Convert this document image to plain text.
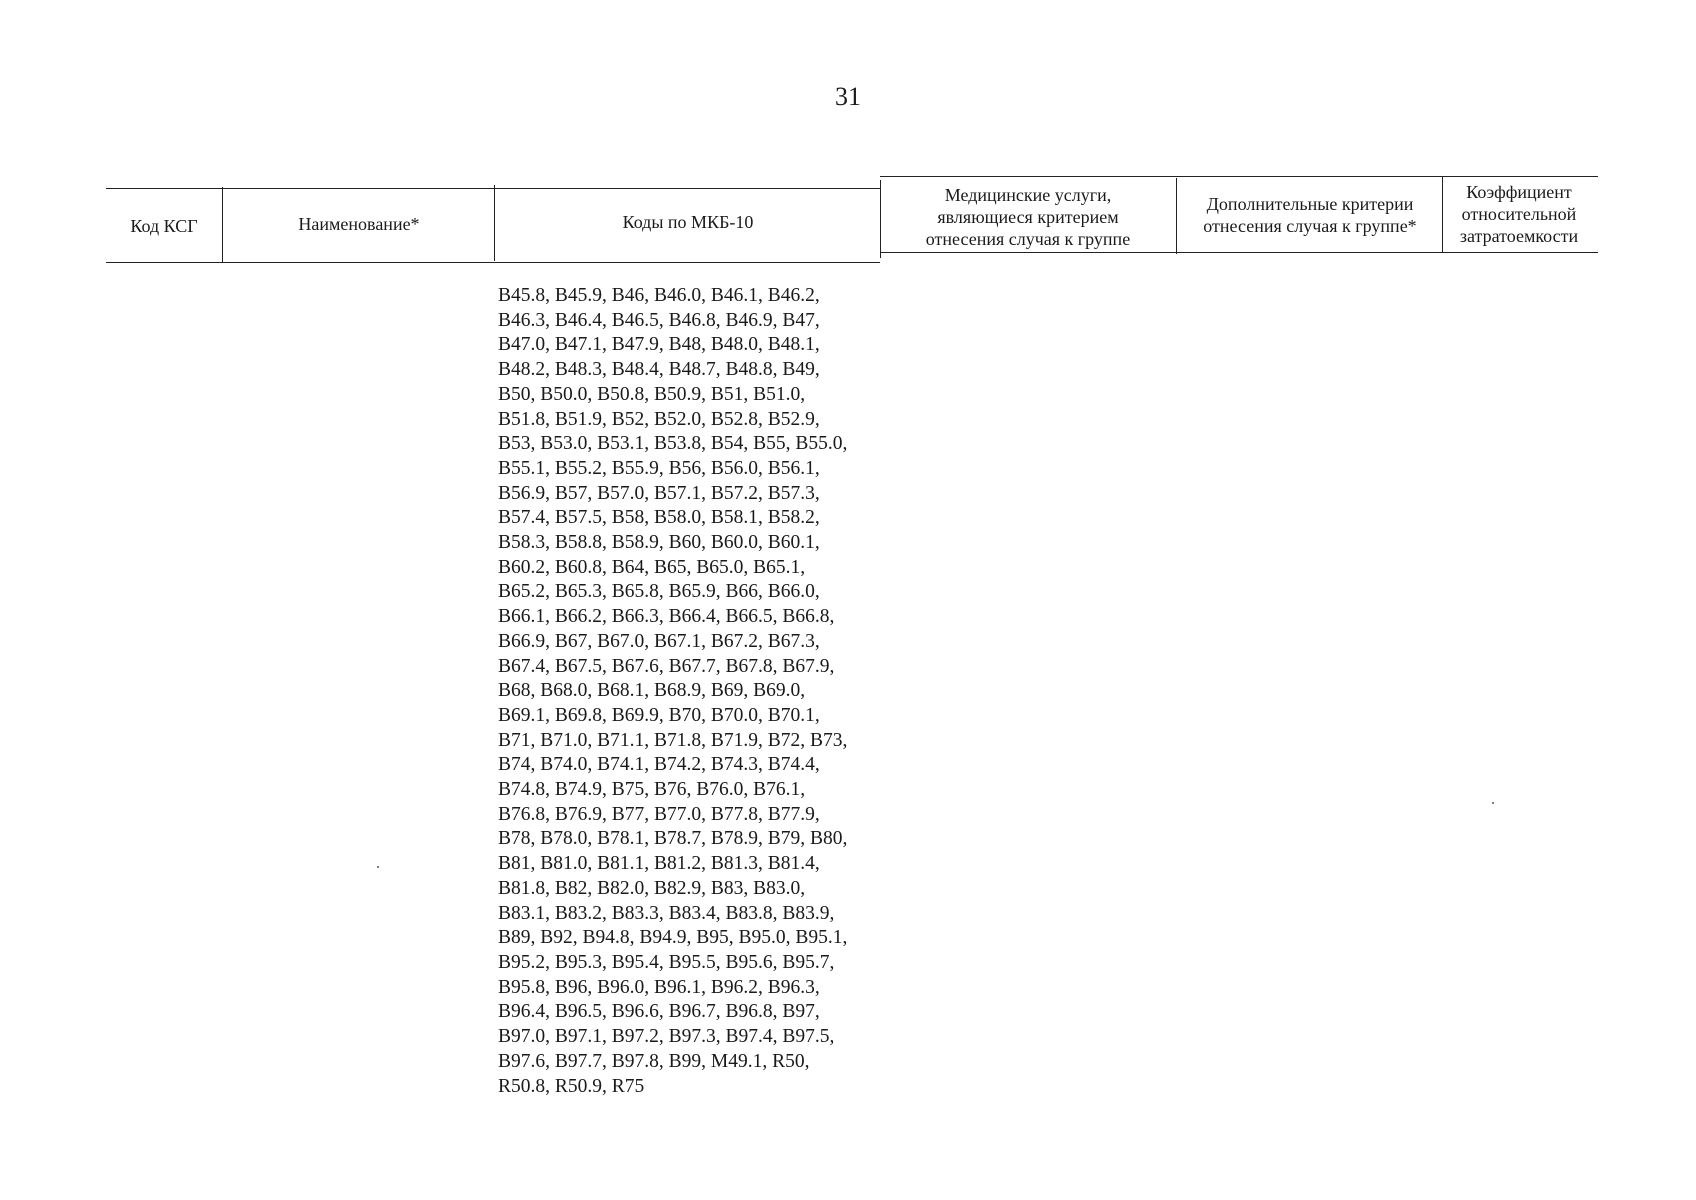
31
Код КСГ	Наименование*	Коды по МКБ-10
Медицинские услуги, являющиеся критерием отнесения случая к группе
Дополнительные критерии отнесения случая к группе*
Коэффициент относительной затратоемкости
B45.8, B45.9, B46, B46.0, B46.1, B46.2,
B46.3, B46.4, B46.5, B46.8, B46.9, B47,
B47.0, B47.1, B47.9, B48, B48.0, B48.1,
B48.2, B48.3, B48.4, B48.7, B48.8, B49,
B50, B50.0, B50.8, B50.9, B51, B51.0,
B51.8, B51.9, B52, B52.0, B52.8, B52.9,
B53, B53.0, B53.1, B53.8, B54, B55, B55.0,
B55.1, B55.2, B55.9, B56, B56.0, B56.1,
B56.9, B57, B57.0, B57.1, B57.2, B57.3,
B57.4, B57.5, B58, B58.0, B58.1, B58.2,
B58.3, B58.8, B58.9, B60, B60.0, B60.1,
B60.2, B60.8, B64, B65, B65.0, B65.1,
B65.2, B65.3, B65.8, B65.9, B66, B66.0,
B66.1, B66.2, B66.3, B66.4, B66.5, B66.8,
B66.9, B67, B67.0, B67.1, B67.2, B67.3,
B67.4, B67.5, B67.6, B67.7, B67.8, B67.9,
B68, B68.0, B68.1, B68.9, B69, B69.0,
B69.1, B69.8, B69.9, B70, B70.0, B70.1,
B71, B71.0, B71.1, B71.8, B71.9, B72, B73,
B74, B74.0, B74.1, B74.2, B74.3, B74.4,
B74.8, B74.9, B75, B76, B76.0, B76.1,
B76.8, B76.9, B77, B77.0, B77.8, B77.9,
B78, B78.0, B78.1, B78.7, B78.9, B79, B80,
B81, B81.0, B81.1, B81.2, B81.3, B81.4,
B81.8, B82, B82.0, B82.9, B83, B83.0,
B83.1, B83.2, B83.3, B83.4, B83.8, B83.9,
B89, B92, B94.8, B94.9, B95, B95.0, B95.1,
B95.2, B95.3, B95.4, B95.5, B95.6, B95.7,
B95.8, B96, B96.0, B96.1, B96.2, B96.3,
B96.4, B96.5, B96.6, B96.7, B96.8, B97,
B97.0, B97.1, B97.2, B97.3, B97.4, B97.5,
B97.6, B97.7, B97.8, B99, M49.1, R50,
R50.8, R50.9, R75
